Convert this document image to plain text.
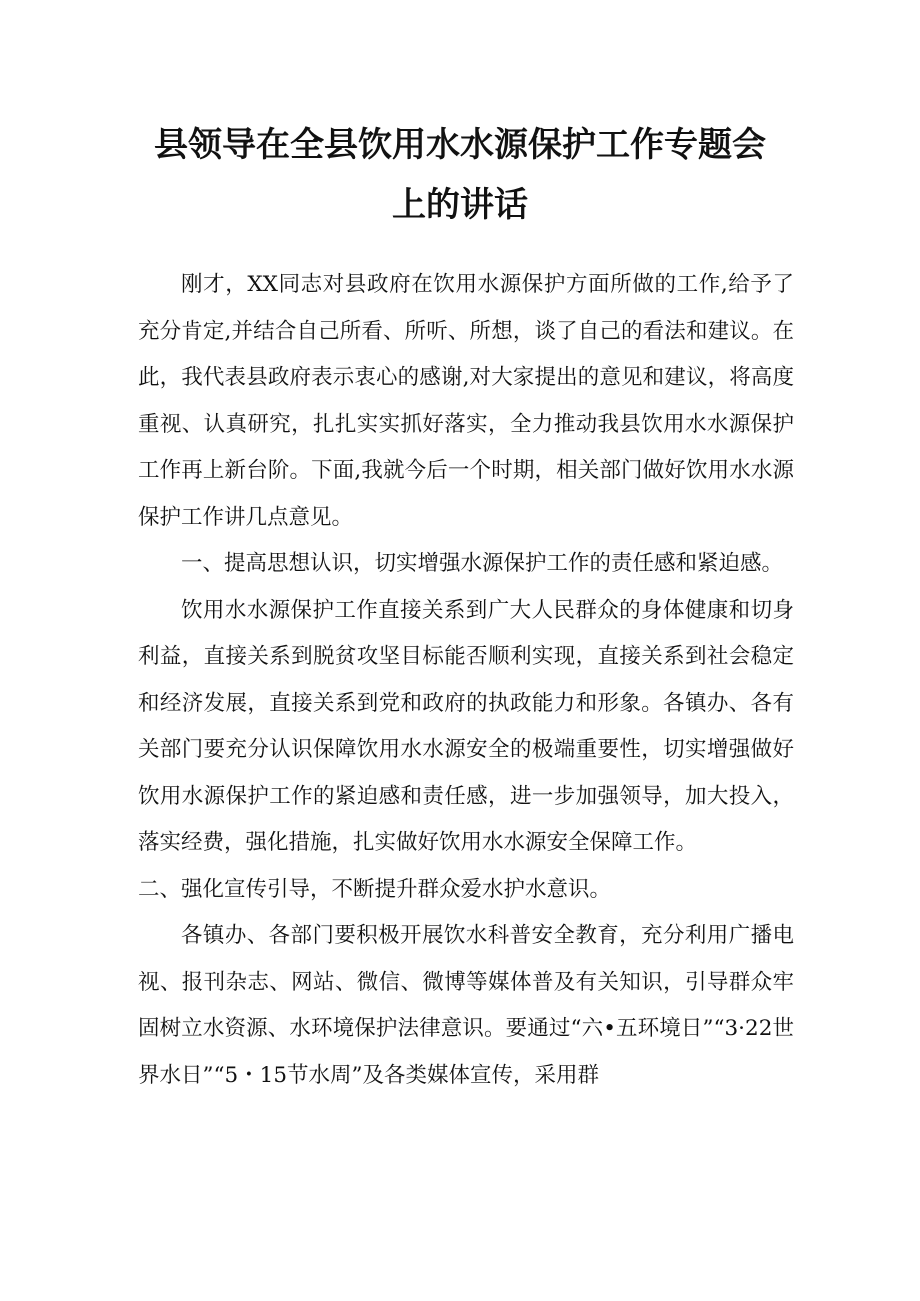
县领导在全县饮用水水源保护工作专题会
上的讲话

刚才，XX同志对县政府在饮用水源保护方面所做的工作,给予了充分肯定,并结合自己所看、所听、所想，谈了自己的看法和建议。在此，我代表县政府表示衷心的感谢,对大家提出的意见和建议，将高度重视、认真研究，扎扎实实抓好落实，全力推动我县饮用水水源保护工作再上新台阶。下面,我就今后一个时期，相关部门做好饮用水水源保护工作讲几点意见。

一、提高思想认识，切实增强水源保护工作的责任感和紧迫感。

饮用水水源保护工作直接关系到广大人民群众的身体健康和切身利益，直接关系到脱贫攻坚目标能否顺利实现，直接关系到社会稳定和经济发展，直接关系到党和政府的执政能力和形象。各镇办、各有关部门要充分认识保障饮用水水源安全的极端重要性，切实增强做好饮用水源保护工作的紧迫感和责任感，进一步加强领导，加大投入，落实经费，强化措施，扎实做好饮用水水源安全保障工作。

二、强化宣传引导，不断提升群众爱水护水意识。

各镇办、各部门要积极开展饮水科普安全教育，充分利用广播电视、报刊杂志、网站、微信、微博等媒体普及有关知识，引导群众牢固树立水资源、水环境保护法律意识。要通过“六•五环境日”“3·22世界水日”“5・15节水周”及各类媒体宣传，采用群
